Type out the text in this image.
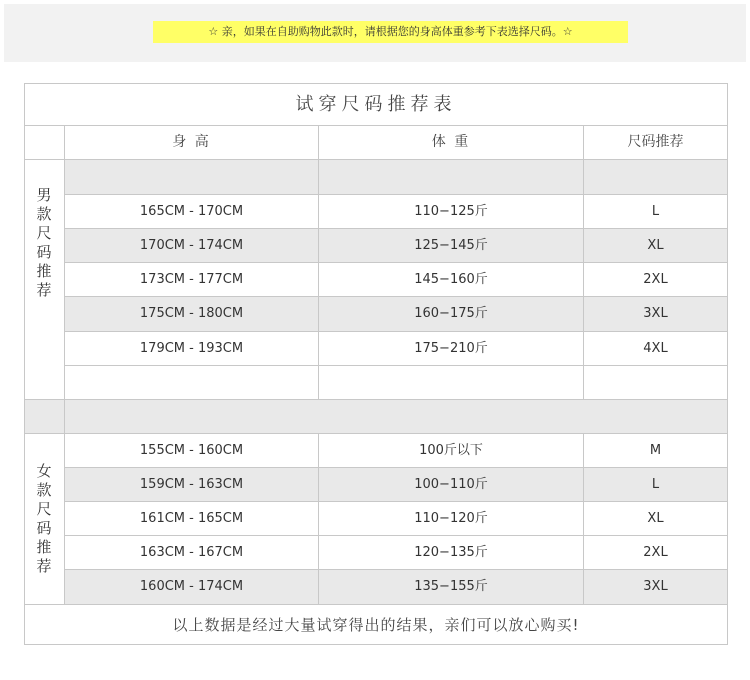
☆ 亲，如果在自助购物此款时，请根据您的身高体重参考下表选择尺码。☆
试穿尺码推荐表
身 高	体 重	尺码推荐
男
款
尺
码
推
荐
165CM - 170CM	110−125斤	L
170CM - 174CM	125−145斤	XL
173CM - 177CM	145−160斤	2XL
175CM - 180CM	160−175斤	3XL
179CM - 193CM	175−210斤	4XL
女
款
尺
码
推
荐
155CM - 160CM	100斤以下	M
159CM - 163CM	100−110斤	L
161CM - 165CM	110−120斤	XL
163CM - 167CM	120−135斤	2XL
160CM - 174CM	135−155斤	3XL
以上数据是经过大量试穿得出的结果，亲们可以放心购买!
